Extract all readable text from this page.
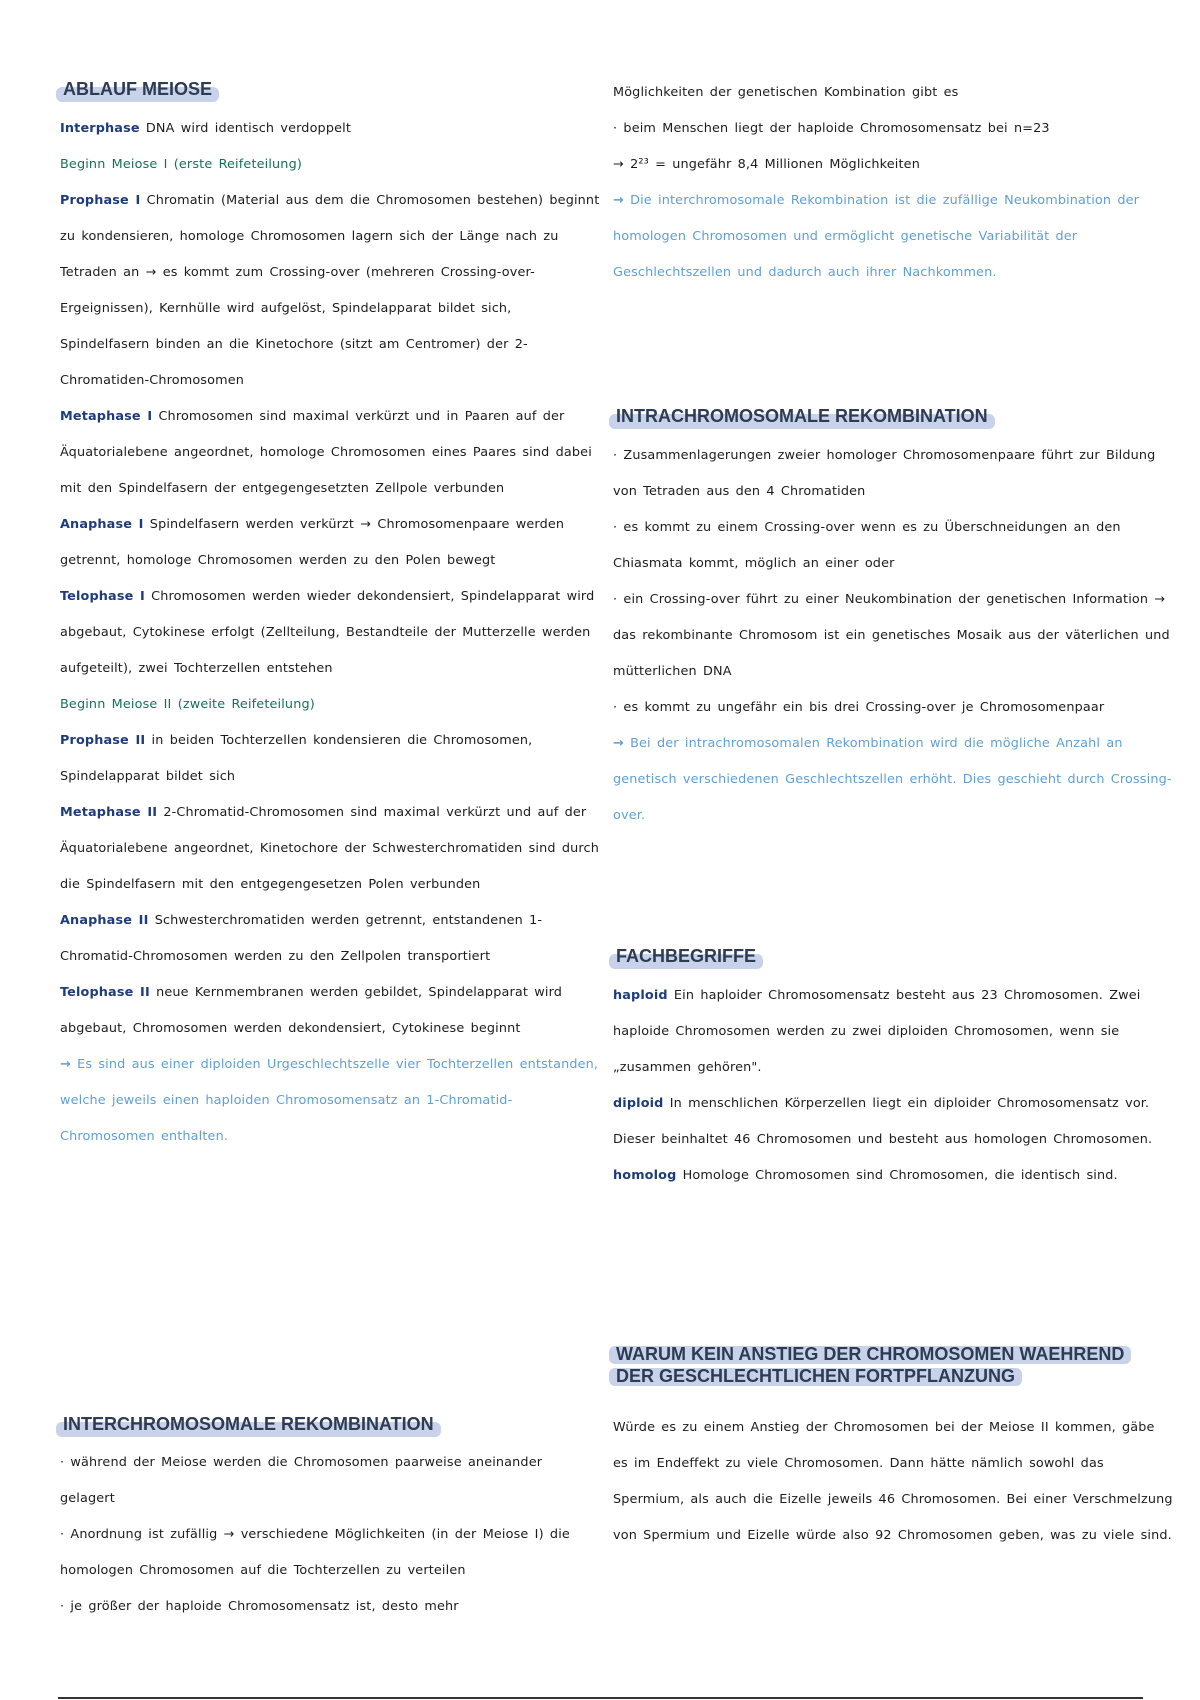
ABLAUF MEIOSE

Interphase DNA wird identisch verdoppelt

Beginn Meiose I (erste Reifeteilung)

Prophase I Chromatin (Material aus dem die Chromosomen bestehen) beginnt zu kondensieren, homologe Chromosomen lagern sich der Länge nach zu Tetraden an → es kommt zum Crossing-over (mehreren Crossing-over-Ergeignissen), Kernhülle wird aufgelöst, Spindelapparat bildet sich, Spindelfasern binden an die Kinetochore (sitzt am Centromer) der 2-Chromatiden-Chromosomen

Metaphase I Chromosomen sind maximal verkürzt und in Paaren auf der Äquatorialebene angeordnet, homologe Chromosomen eines Paares sind dabei mit den Spindelfasern der entgegengesetzten Zellpole verbunden

Anaphase I Spindelfasern werden verkürzt → Chromosomenpaare werden getrennt, homologe Chromosomen werden zu den Polen bewegt

Telophase I Chromosomen werden wieder dekondensiert, Spindelapparat wird abgebaut, Cytokinese erfolgt (Zellteilung, Bestandteile der Mutterzelle werden aufgeteilt), zwei Tochterzellen entstehen

Beginn Meiose II (zweite Reifeteilung)

Prophase II in beiden Tochterzellen kondensieren die Chromosomen, Spindelapparat bildet sich

Metaphase II 2-Chromatid-Chromosomen sind maximal verkürzt und auf der Äquatorialebene angeordnet, Kinetochore der Schwesterchromatiden sind durch die Spindelfasern mit den entgegengesetzen Polen verbunden

Anaphase II Schwesterchromatiden werden getrennt, entstandenen 1-Chromatid-Chromosomen werden zu den Zellpolen transportiert

Telophase II neue Kernmembranen werden gebildet, Spindelapparat wird abgebaut, Chromosomen werden dekondensiert, Cytokinese beginnt

→ Es sind aus einer diploiden Urgeschlechtszelle vier Tochterzellen entstanden, welche jeweils einen haploiden Chromosomensatz an 1-Chromatid-Chromosomen enthalten.

INTERCHROMOSOMALE REKOMBINATION

· während der Meiose werden die Chromosomen paarweise aneinander gelagert

· Anordnung ist zufällig → verschiedene Möglichkeiten (in der Meiose I) die homologen Chromosomen auf die Tochterzellen zu verteilen

· je größer der haploide Chromosomensatz ist, desto mehr

Möglichkeiten der genetischen Kombination gibt es

· beim Menschen liegt der haploide Chromosomensatz bei n=23

→ 2²³ = ungefähr 8,4 Millionen Möglichkeiten

→ Die interchromosomale Rekombination ist die zufällige Neukombination der homologen Chromosomen und ermöglicht genetische Variabilität der Geschlechtszellen und dadurch auch ihrer Nachkommen.

INTRACHROMOSOMALE REKOMBINATION

· Zusammenlagerungen zweier homologer Chromosomenpaare führt zur Bildung von Tetraden aus den 4 Chromatiden

· es kommt zu einem Crossing-over wenn es zu Überschneidungen an den Chiasmata kommt, möglich an einer oder

· ein Crossing-over führt zu einer Neukombination der genetischen Information → das rekombinante Chromosom ist ein genetisches Mosaik aus der väterlichen und mütterlichen DNA

· es kommt zu ungefähr ein bis drei Crossing-over je Chromosomenpaar

→ Bei der intrachromosomalen Rekombination wird die mögliche Anzahl an genetisch verschiedenen Geschlechtszellen erhöht. Dies geschieht durch Crossing-over.

FACHBEGRIFFE

haploid Ein haploider Chromosomensatz besteht aus 23 Chromosomen. Zwei haploide Chromosomen werden zu zwei diploiden Chromosomen, wenn sie „zusammen gehören".

diploid In menschlichen Körperzellen liegt ein diploider Chromosomensatz vor. Dieser beinhaltet 46 Chromosomen und besteht aus homologen Chromosomen.

homolog Homologe Chromosomen sind Chromosomen, die identisch sind.

WARUM KEIN ANSTIEG DER CHROMOSOMEN WAEHREND
DER GESCHLECHTLICHEN FORTPFLANZUNG

Würde es zu einem Anstieg der Chromosomen bei der Meiose II kommen, gäbe es im Endeffekt zu viele Chromosomen. Dann hätte nämlich sowohl das Spermium, als auch die Eizelle jeweils 46 Chromosomen. Bei einer Verschmelzung von Spermium und Eizelle würde also 92 Chromosomen geben, was zu viele sind.
